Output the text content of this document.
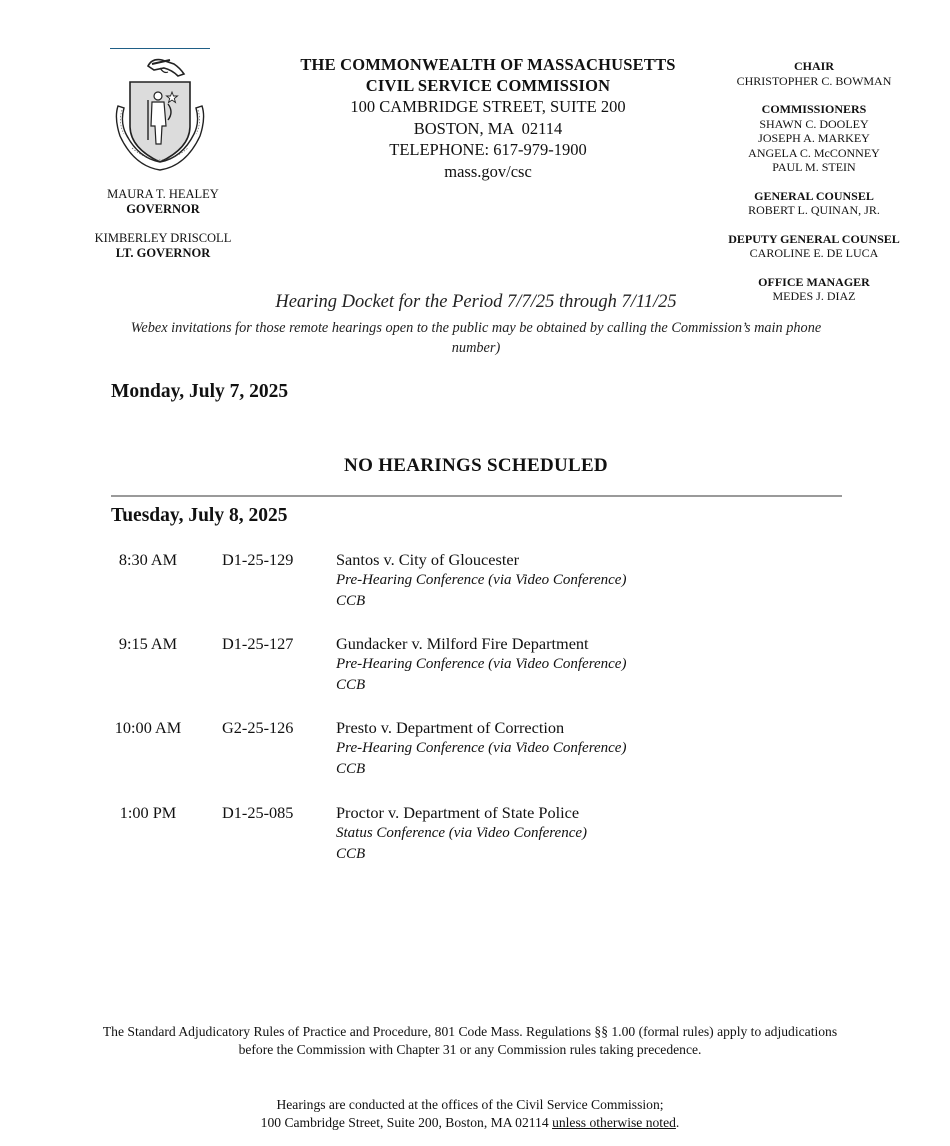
MAURA T. HEALEY
GOVERNOR
KIMBERLEY DRISCOLL
LT. GOVERNOR
THE COMMONWEALTH OF MASSACHUSETTS
CIVIL SERVICE COMMISSION
100 CAMBRIDGE STREET, SUITE 200
BOSTON, MA  02114
TELEPHONE: 617-979-1900
mass.gov/csc
CHAIR
CHRISTOPHER C. BOWMAN
COMMISSIONERS
SHAWN C. DOOLEY
JOSEPH A. MARKEY
ANGELA C. McCONNEY
PAUL M. STEIN
GENERAL COUNSEL
ROBERT L. QUINAN, JR.
DEPUTY GENERAL COUNSEL
CAROLINE E. DE LUCA
OFFICE MANAGER
MEDES J. DIAZ
Hearing Docket for the Period 7/7/25 through 7/11/25
Webex invitations for those remote hearings open to the public may be obtained by calling the Commission’s main phone number)
Monday, July 7, 2025
NO HEARINGS SCHEDULED
Tuesday, July 8, 2025
8:30 AM	D1-25-129	Santos v. City of Gloucester
Pre-Hearing Conference (via Video Conference)
CCB
9:15 AM	D1-25-127	Gundacker v. Milford Fire Department
Pre-Hearing Conference (via Video Conference)
CCB
10:00 AM	G2-25-126	Presto v. Department of Correction
Pre-Hearing Conference (via Video Conference)
CCB
1:00 PM	D1-25-085	Proctor v. Department of State Police
Status Conference (via Video Conference)
CCB
The Standard Adjudicatory Rules of Practice and Procedure, 801 Code Mass. Regulations §§ 1.00 (formal rules) apply to adjudications before the Commission with Chapter 31 or any Commission rules taking precedence.
Hearings are conducted at the offices of the Civil Service Commission;
100 Cambridge Street, Suite 200, Boston, MA 02114 unless otherwise noted.
